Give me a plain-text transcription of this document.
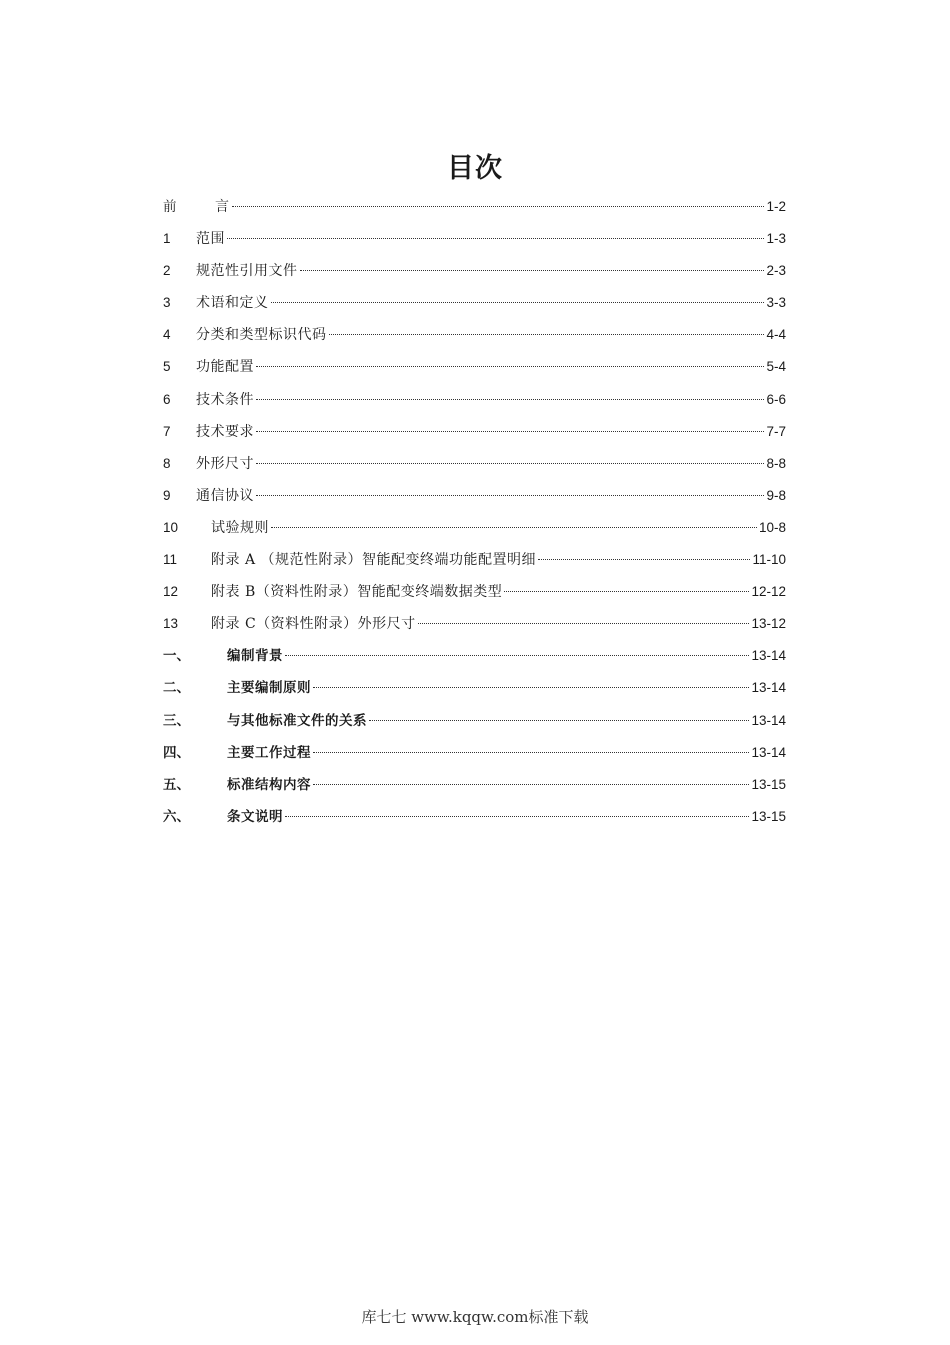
目次
前	言	1-2
1	范围	1-3
2	规范性引用文件	2-3
3	术语和定义	3-3
4	分类和类型标识代码	4-4
5	功能配置	5-4
6	技术条件	6-6
7	技术要求	7-7
8	外形尺寸	8-8
9	通信协议	9-8
10	试验规则	10-8
11	附录 A （规范性附录）智能配变终端功能配置明细	11-10
12	附表 B（资料性附录）智能配变终端数据类型	12-12
13	附录 C（资料性附录）外形尺寸	13-12
一、	编制背景	13-14
二、	主要编制原则	13-14
三、	与其他标准文件的关系	13-14
四、	主要工作过程	13-14
五、	标准结构内容	13-15
六、	条文说明	13-15
库七七 www.kqqw.com标准下载
